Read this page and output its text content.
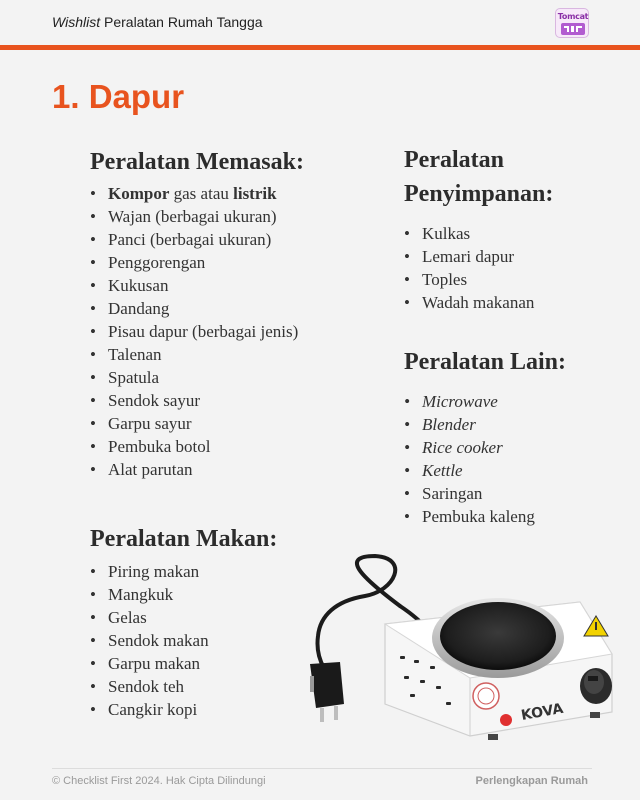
Wishlist Peralatan Rumah Tangga	Tomcat
1. Dapur
Peralatan Memasak:
• Kompor gas atau listrik
• Wajan (berbagai ukuran)
• Panci (berbagai ukuran)
• Penggorengan
• Kukusan
• Dandang
• Pisau dapur (berbagai jenis)
• Talenan
• Spatula
• Sendok sayur
• Garpu sayur
• Pembuka botol
• Alat parutan
Peralatan Makan:
• Piring makan
• Mangkuk
• Gelas
• Sendok makan
• Garpu makan
• Sendok teh
• Cangkir kopi
Peralatan
Penyimpanan:
• Kulkas
• Lemari dapur
• Toples
• Wadah makanan
Peralatan Lain:
• Microwave
• Blender
• Rice cooker
• Kettle
• Saringan
• Pembuka kaleng
KOVA
© Checklist First 2024. Hak Cipta Dilindungi	Perlengkapan Rumah
